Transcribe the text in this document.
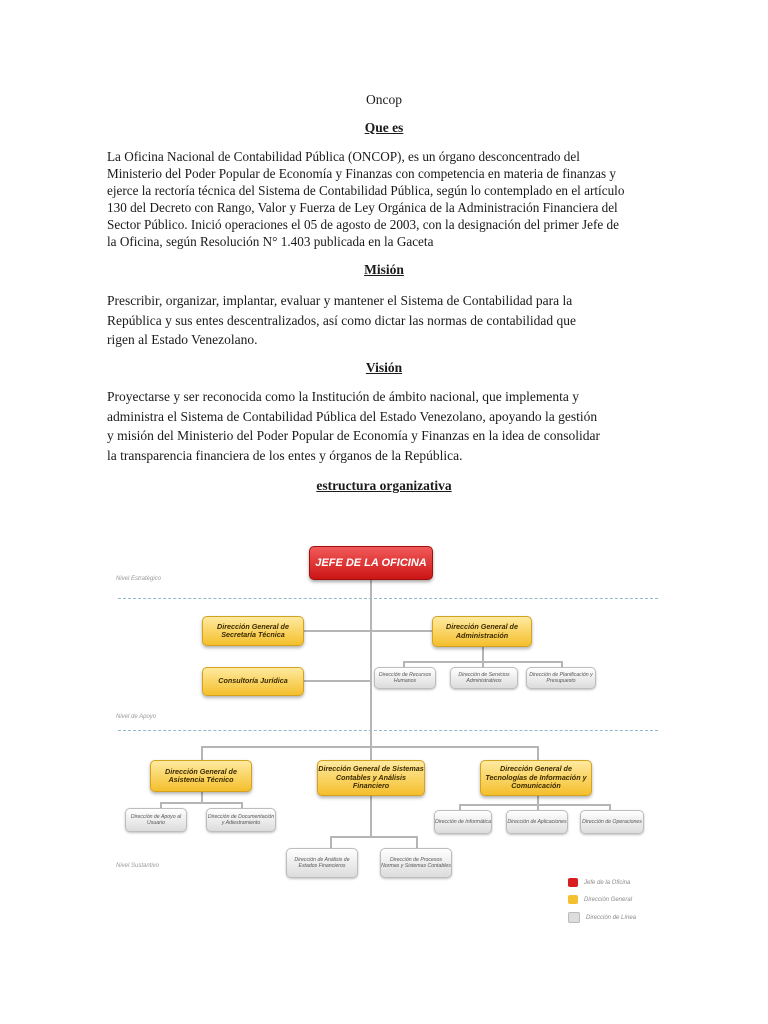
Oncop
Que es
La Oficina Nacional de Contabilidad Pública (ONCOP), es un órgano desconcentrado del
Ministerio del Poder Popular de Economía y Finanzas con competencia en materia de finanzas y
ejerce la rectoría técnica del Sistema de Contabilidad Pública, según lo contemplado en el artículo
130 del Decreto con Rango, Valor y Fuerza de Ley Orgánica de la Administración Financiera del
Sector Público. Inició operaciones el 05 de agosto de 2003, con la designación del primer Jefe de
la Oficina, según Resolución N° 1.403 publicada en la Gaceta
Misión
Prescribir, organizar, implantar, evaluar y mantener el Sistema de Contabilidad para la
República y sus entes descentralizados, así como dictar las normas de contabilidad que
rigen al Estado Venezolano.
Visión
Proyectarse y ser reconocida como la Institución de ámbito nacional, que implementa y
administra el Sistema de Contabilidad Pública del Estado Venezolano, apoyando la gestión
y misión del Ministerio del Poder Popular de Economía y Finanzas en la idea de consolidar
la transparencia financiera de los entes y órganos de la República.
estructura organizativa
Nivel Estratégico
Nivel de Apoyo
Nivel Sustantivo
JEFE DE LA OFICINA
Dirección General de Secretaría Técnica
Dirección General de Administración
Consultoría Jurídica
Dirección de Recursos Humanos
Dirección de Servicios Administrativos
Dirección de Planificación y Presupuesto
Dirección General de Asistencia Técnico
Dirección General de Sistemas Contables y Análisis Financiero
Dirección General de Tecnologías de Información y Comunicación
Dirección de Apoyo al Usuario
Dirección de Documentación y Adiestramiento
Dirección de Análisis de Estados Financieros
Dirección de Procesos Normas y Sistemas Contables
Dirección de Informática	Dirección de Aplicaciones	Dirección de Operaciones
Jefe de la Oficina
Dirección General
Dirección de Línea
